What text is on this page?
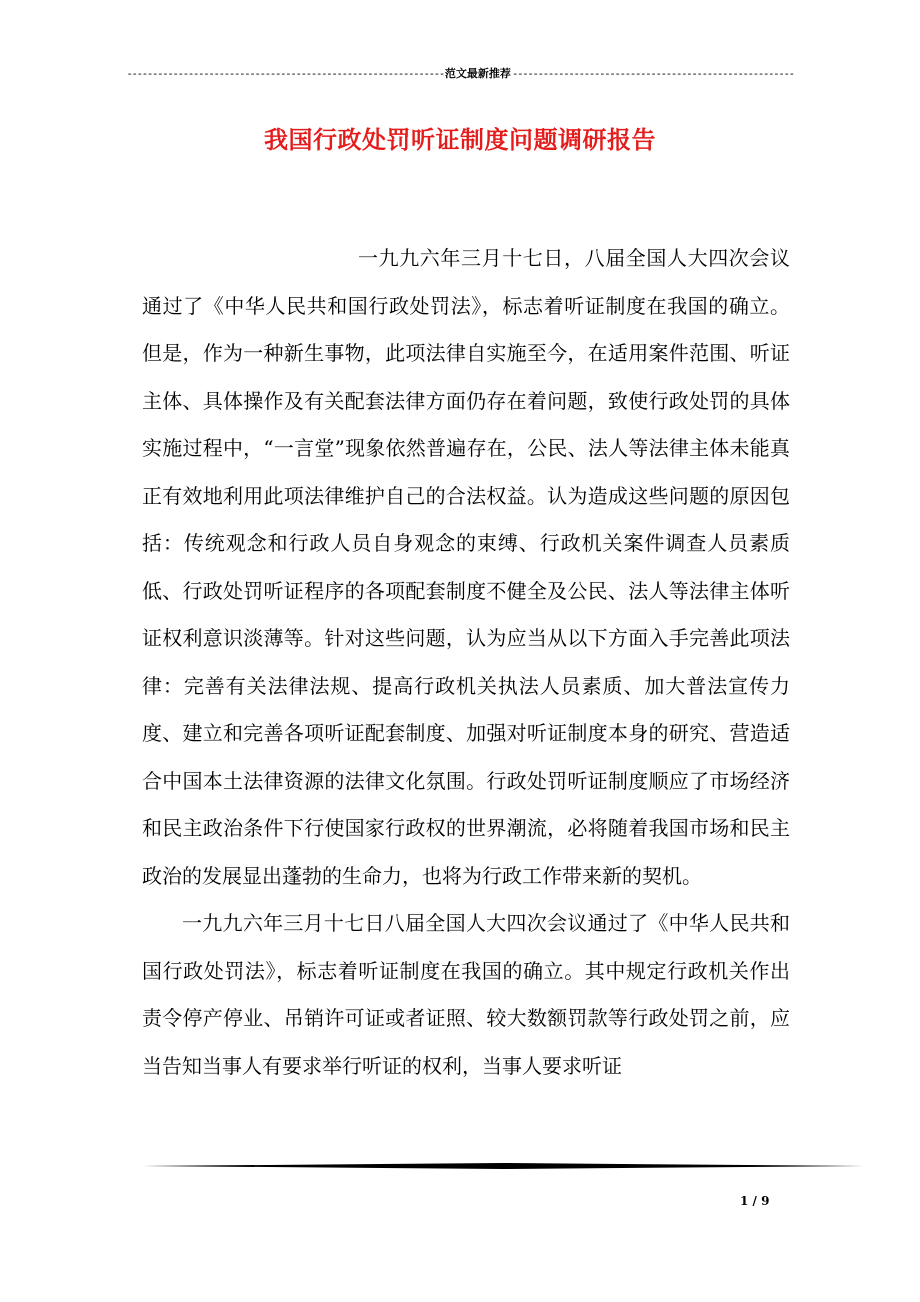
-------------------------------------------------------------- 范文最新推荐 -------------------------------------------------------
我国行政处罚听证制度问题调研报告

一九九六年三月十七日，八届全国人大四次会议通过了《中华人民共和国行政处罚法》，标志着听证制度在我国的确立。但是，作为一种新生事物，此项法律自实施至今，在适用案件范围、听证主体、具体操作及有关配套法律方面仍存在着问题，致使行政处罚的具体实施过程中，“一言堂”现象依然普遍存在，公民、法人等法律主体未能真正有效地利用此项法律维护自己的合法权益。认为造成这些问题的原因包括：传统观念和行政人员自身观念的束缚、行政机关案件调查人员素质低、行政处罚听证程序的各项配套制度不健全及公民、法人等法律主体听证权利意识淡薄等。针对这些问题，认为应当从以下方面入手完善此项法律：完善有关法律法规、提高行政机关执法人员素质、加大普法宣传力度、建立和完善各项听证配套制度、加强对听证制度本身的研究、营造适合中国本土法律资源的法律文化氛围。行政处罚听证制度顺应了市场经济和民主政治条件下行使国家行政权的世界潮流，必将随着我国市场和民主政治的发展显出蓬勃的生命力，也将为行政工作带来新的契机。

一九九六年三月十七日八届全国人大四次会议通过了《中华人民共和国行政处罚法》，标志着听证制度在我国的确立。其中规定行政机关作出责令停产停业、吊销许可证或者证照、较大数额罚款等行政处罚之前，应当告知当事人有要求举行听证的权利，当事人要求听证

1 / 9
